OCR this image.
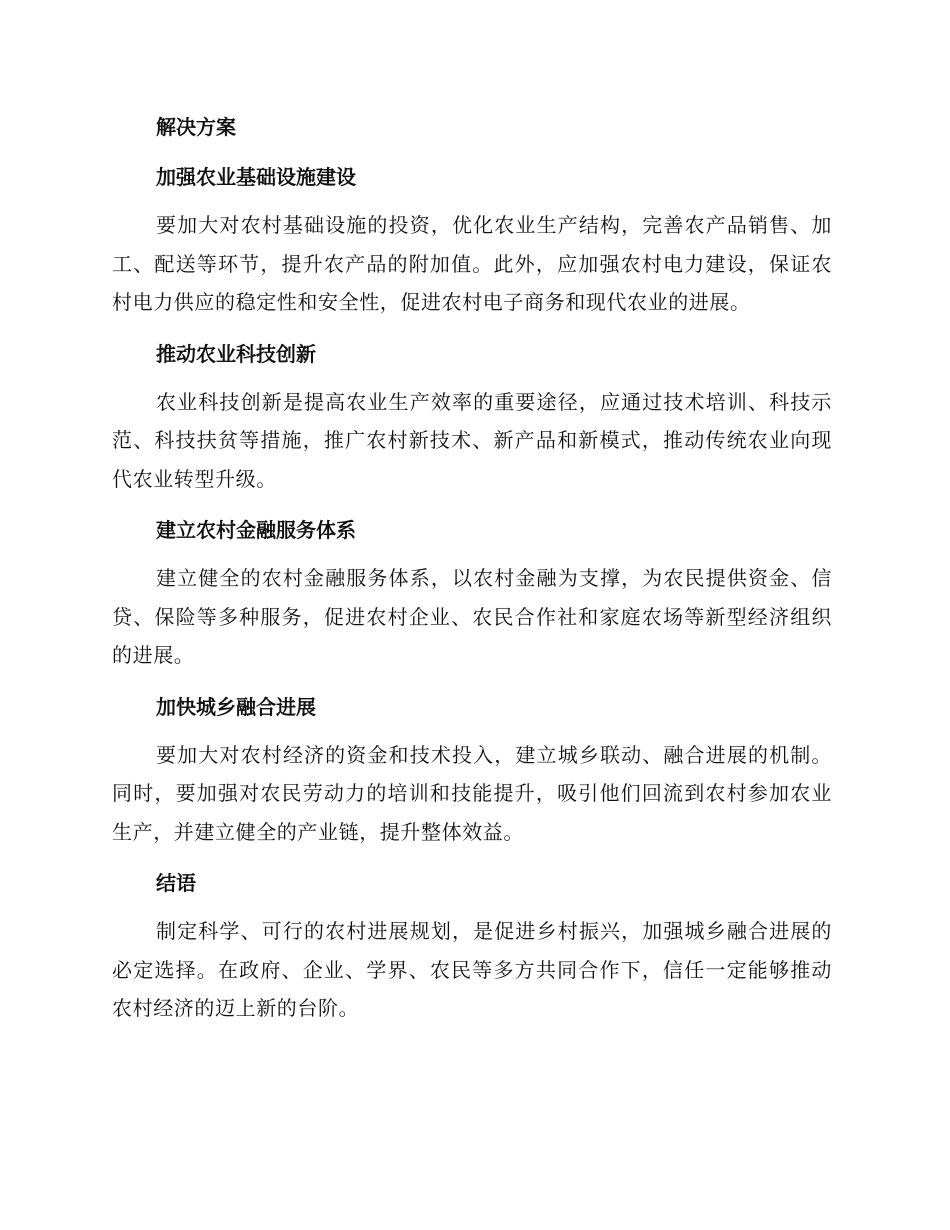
解决方案
加强农业基础设施建设

要加大对农村基础设施的投资，优化农业生产结构，完善农产品销售、加工、配送等环节，提升农产品的附加值。此外，应加强农村电力建设，保证农村电力供应的稳定性和安全性，促进农村电子商务和现代农业的进展。

推动农业科技创新

农业科技创新是提高农业生产效率的重要途径，应通过技术培训、科技示范、科技扶贫等措施，推广农村新技术、新产品和新模式，推动传统农业向现代农业转型升级。

建立农村金融服务体系

建立健全的农村金融服务体系，以农村金融为支撑，为农民提供资金、信贷、保险等多种服务，促进农村企业、农民合作社和家庭农场等新型经济组织的进展。

加快城乡融合进展

要加大对农村经济的资金和技术投入，建立城乡联动、融合进展的机制。同时，要加强对农民劳动力的培训和技能提升，吸引他们回流到农村参加农业生产，并建立健全的产业链，提升整体效益。

结语

制定科学、可行的农村进展规划，是促进乡村振兴，加强城乡融合进展的必定选择。在政府、企业、学界、农民等多方共同合作下，信任一定能够推动农村经济的迈上新的台阶。
